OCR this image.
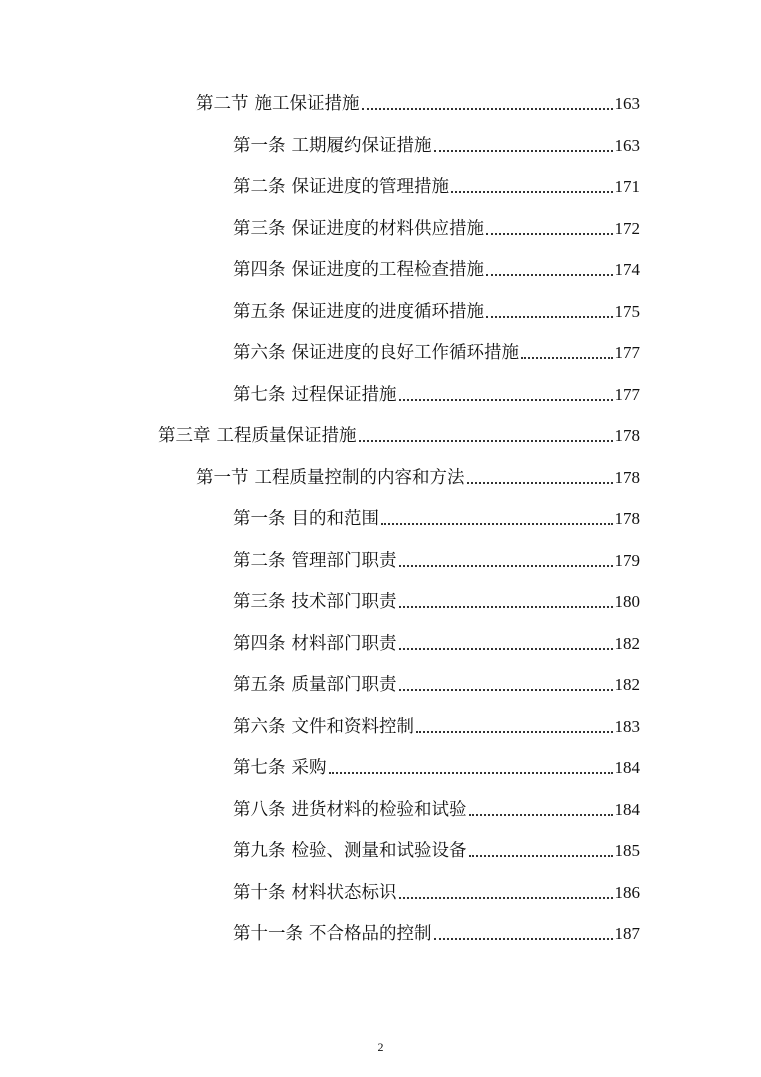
第二节 施工保证措施	163
第一条 工期履约保证措施	163
第二条 保证进度的管理措施	171
第三条 保证进度的材料供应措施	172
第四条 保证进度的工程检查措施	174
第五条 保证进度的进度循环措施	175
第六条 保证进度的良好工作循环措施	177
第七条 过程保证措施	177
第三章 工程质量保证措施	178
第一节 工程质量控制的内容和方法	178
第一条 目的和范围	178
第二条 管理部门职责	179
第三条 技术部门职责	180
第四条 材料部门职责	182
第五条 质量部门职责	182
第六条 文件和资料控制	183
第七条 采购	184
第八条 进货材料的检验和试验	184
第九条 检验、测量和试验设备	185
第十条 材料状态标识	186
第十一条 不合格品的控制	187
2
